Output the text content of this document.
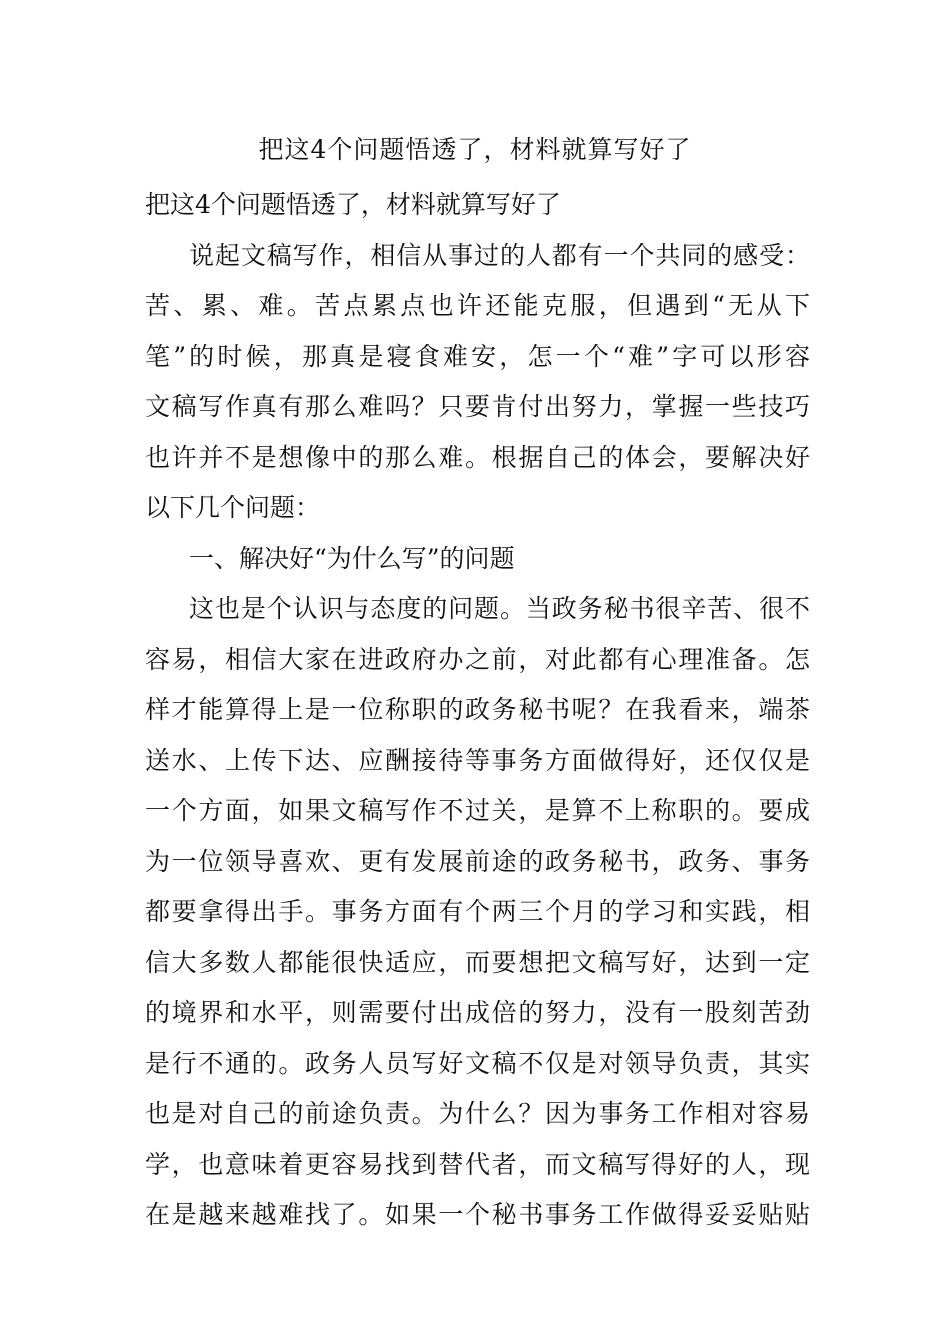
把这4个问题悟透了，材料就算写好了

把这4个问题悟透了，材料就算写好了

说起文稿写作，相信从事过的人都有一个共同的感受：

苦、累、难。苦点累点也许还能克服，但遇到“无从下

笔”的时候，那真是寝食难安，怎一个“难”字可以形容

文稿写作真有那么难吗？只要肯付出努力，掌握一些技巧

也许并不是想像中的那么难。根据自己的体会，要解决好

以下几个问题：

一、解决好“为什么写”的问题

这也是个认识与态度的问题。当政务秘书很辛苦、很不

容易，相信大家在进政府办之前，对此都有心理准备。怎

样才能算得上是一位称职的政务秘书呢？在我看来，端茶

送水、上传下达、应酬接待等事务方面做得好，还仅仅是

一个方面，如果文稿写作不过关，是算不上称职的。要成

为一位领导喜欢、更有发展前途的政务秘书，政务、事务

都要拿得出手。事务方面有个两三个月的学习和实践，相

信大多数人都能很快适应，而要想把文稿写好，达到一定

的境界和水平，则需要付出成倍的努力，没有一股刻苦劲

是行不通的。政务人员写好文稿不仅是对领导负责，其实

也是对自己的前途负责。为什么？因为事务工作相对容易

学，也意味着更容易找到替代者，而文稿写得好的人，现

在是越来越难找了。如果一个秘书事务工作做得妥妥贴贴
